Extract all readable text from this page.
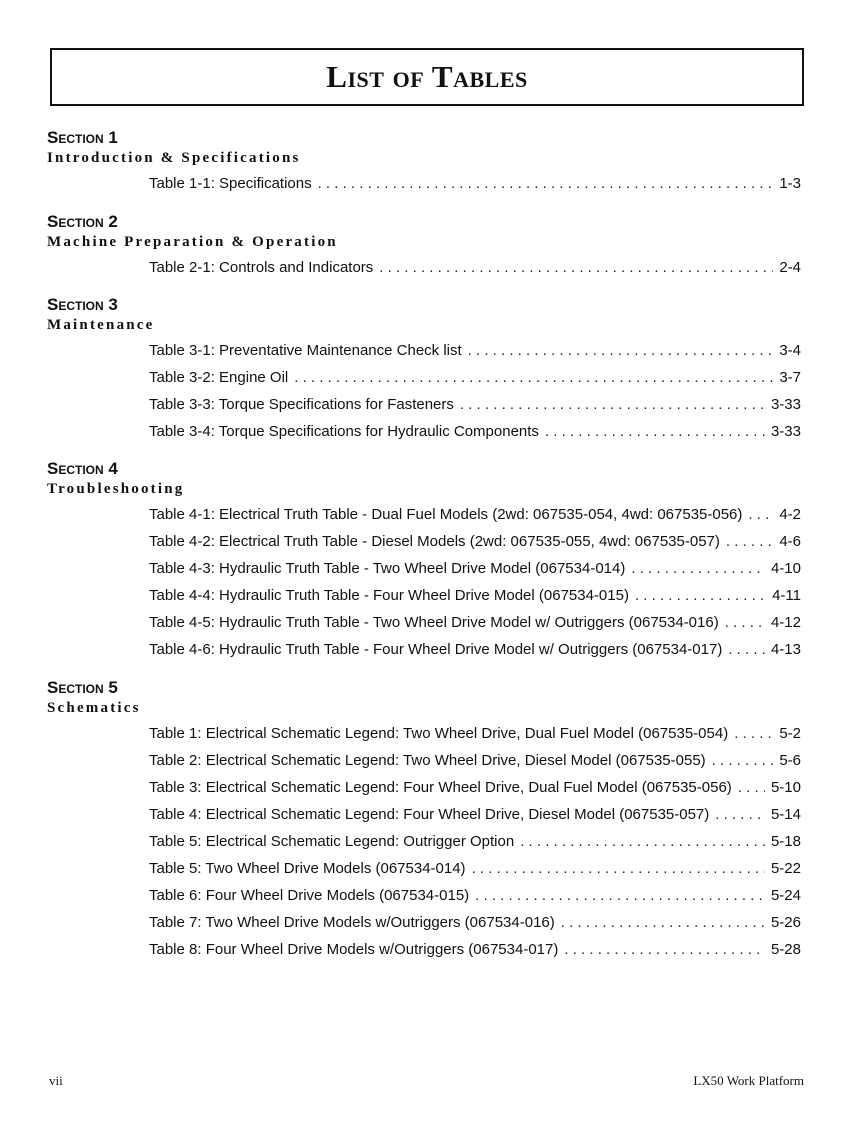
List of Tables
Section 1
Introduction & Specifications
Table 1-1: Specifications . . .	1-3
Section 2
Machine Preparation & Operation
Table 2-1: Controls and Indicators . . .	2-4
Section 3
Maintenance
Table 3-1: Preventative Maintenance Check list . . .	3-4
Table 3-2: Engine Oil . . .	3-7
Table 3-3: Torque Specifications for Fasteners . . .	3-33
Table 3-4: Torque Specifications for Hydraulic Components . . .	3-33
Section 4
Troubleshooting
Table 4-1: Electrical Truth Table - Dual Fuel Models (2wd: 067535-054, 4wd: 067535-056) . . . 4-2
Table 4-2: Electrical Truth Table - Diesel Models (2wd: 067535-055, 4wd: 067535-057) . . .	4-6
Table 4-3: Hydraulic Truth Table - Two Wheel Drive Model (067534-014) . . .	4-10
Table 4-4: Hydraulic Truth Table - Four Wheel Drive Model (067534-015) . . .	4-11
Table 4-5: Hydraulic Truth Table - Two Wheel Drive Model w/ Outriggers (067534-016) . . .	4-12
Table 4-6: Hydraulic Truth Table - Four Wheel Drive Model w/ Outriggers (067534-017) . . .	4-13
Section 5
Schematics
Table 1: Electrical Schematic Legend: Two Wheel Drive, Dual Fuel Model (067535-054) . . .	5-2
Table 2: Electrical Schematic Legend: Two Wheel Drive, Diesel Model (067535-055) . . .	5-6
Table 3: Electrical Schematic Legend: Four Wheel Drive, Dual Fuel Model (067535-056) . . .	5-10
Table 4: Electrical Schematic Legend: Four Wheel Drive, Diesel Model (067535-057) . . .	5-14
Table 5: Electrical Schematic Legend: Outrigger Option . . .	5-18
Table 5: Two Wheel Drive Models (067534-014) . . .	5-22
Table 6: Four Wheel Drive Models (067534-015) . . .	5-24
Table 7: Two Wheel Drive Models w/Outriggers (067534-016) . . .	5-26
Table 8: Four Wheel Drive Models w/Outriggers (067534-017) . . .	5-28
vii	LX50 Work Platform
